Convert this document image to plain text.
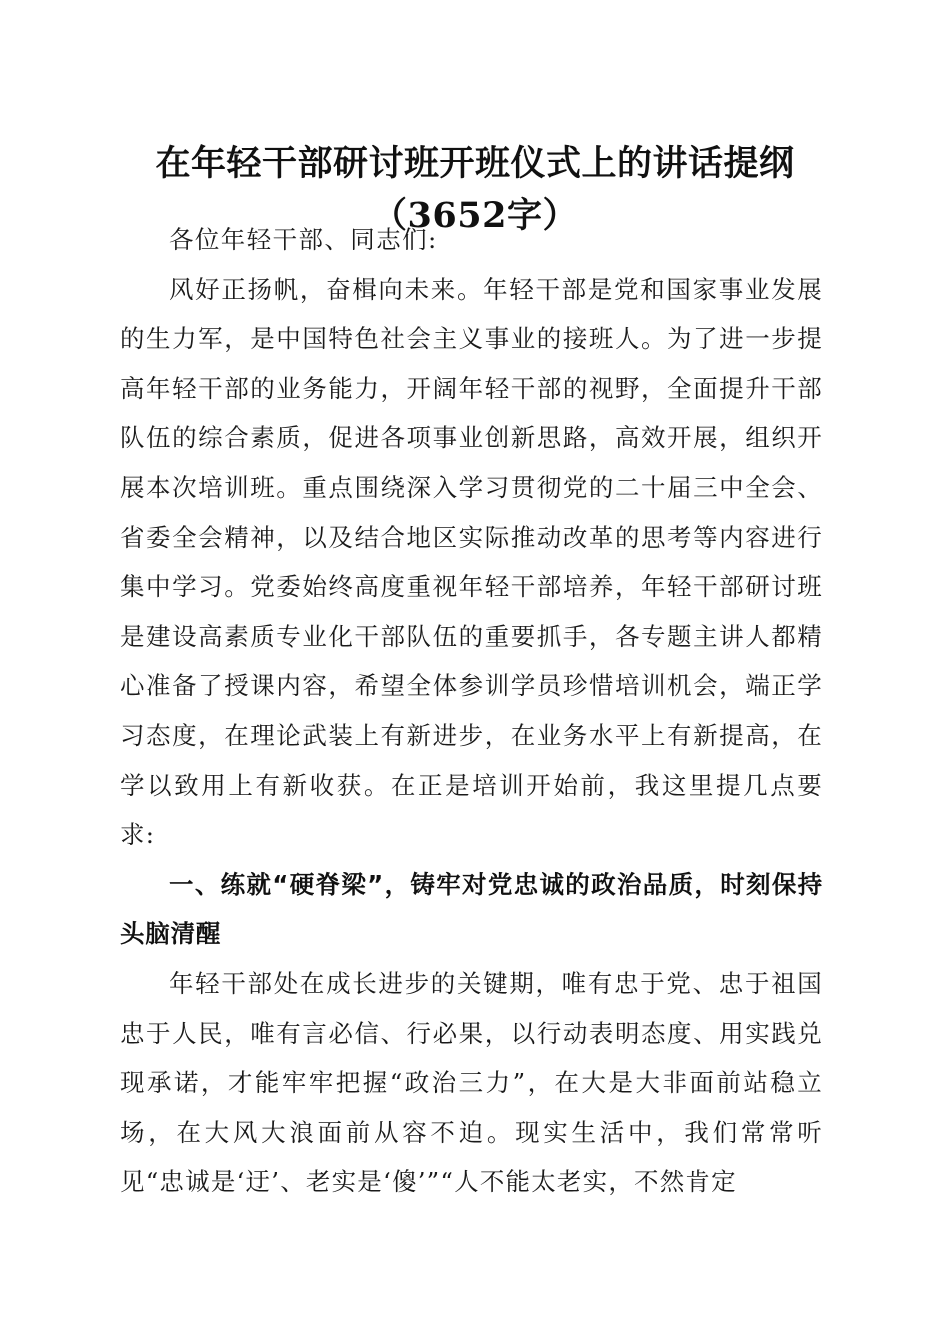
在年轻干部研讨班开班仪式上的讲话提纲
（3652字）

各位年轻干部、同志们:

风好正扬帆，奋楫向未来。年轻干部是党和国家事业发展的生力军，是中国特色社会主义事业的接班人。为了进一步提高年轻干部的业务能力，开阔年轻干部的视野，全面提升干部队伍的综合素质，促进各项事业创新思路，高效开展，组织开展本次培训班。重点围绕深入学习贯彻党的二十届三中全会、省委全会精神，以及结合地区实际推动改革的思考等内容进行集中学习。党委始终高度重视年轻干部培养，年轻干部研讨班是建设高素质专业化干部队伍的重要抓手，各专题主讲人都精心准备了授课内容，希望全体参训学员珍惜培训机会，端正学习态度，在理论武装上有新进步，在业务水平上有新提高，在学以致用上有新收获。在正是培训开始前，我这里提几点要求:

一、练就“硬脊梁”，铸牢对党忠诚的政治品质，时刻保持头脑清醒

年轻干部处在成长进步的关键期，唯有忠于党、忠于祖国忠于人民，唯有言必信、行必果，以行动表明态度、用实践兑现承诺，才能牢牢把握“政治三力”，在大是大非面前站稳立场，在大风大浪面前从容不迫。现实生活中，我们常常听见“忠诚是‘迂’、老实是‘傻’”“人不能太老实，不然肯定
